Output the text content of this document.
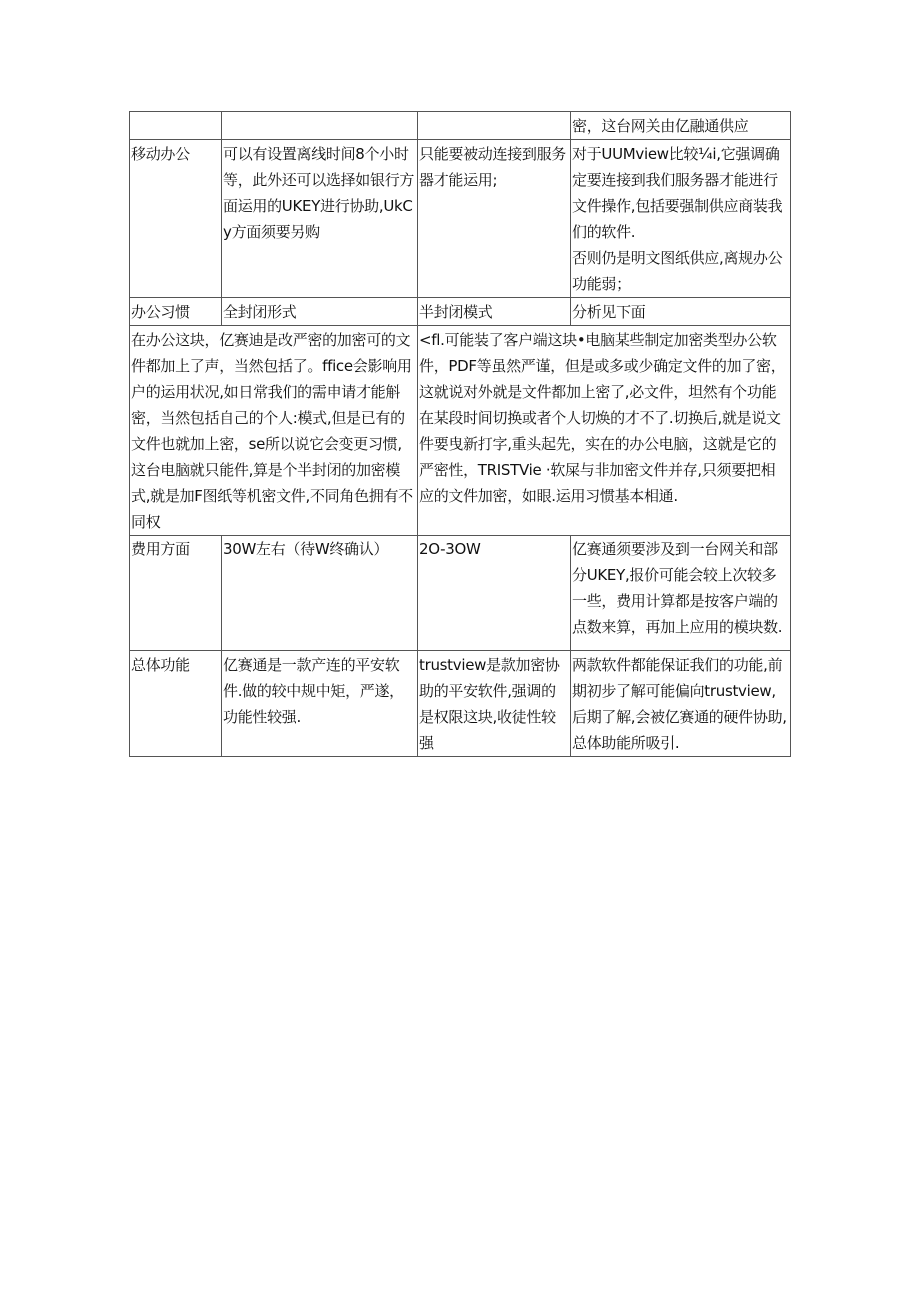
			密，这台网关由亿融通供应
移动办公	可以有设置离线时间8个小时等，此外还可以选择如银行方面运用的UKEY进行协助,UkCy方面须要另购	只能要被动连接到服务器才能运用;	对于UUMview比较¼i,它强调确定要连接到我们服务器才能进行文件操作,包括要强制供应商装我们的软件.
否则仍是明文图纸供应,离规办公功能弱；

办公习惯	全封闭形式	半封闭模式	分析见下面
在办公这块，亿赛迪是改严密的加密可的文件都加上了声，当然包括了。ffice会影响用户的运用状况,如日常我们的需申请才能斛密，当然包括自己的个人:模式,但是已有的文件也就加上密，se所以说它会变更习惯,这台电脑就只能件,算是个半封闭的加密模式,就是加F图纸等机密文件,不同角色拥有不同权		<fl.可能装了客户端这块•电脑某些制定加密类型办公软件，PDF等虽然严谨，但是或多或少确定文件的加了密，这就说对外就是文件都加上密了,必文件，坦然有个功能在某段时间切换或者个人切焕的才不了.切换后,就是说文件要曳新打字,重头起先，实在的办公电脑，这就是它的严密性，TRISTVie ·软屎与非加密文件并存,只须要把相应的文件加密，如眼.运用习惯基本相通.	
费用方面	30W左右（待W终确认）	2O-3OW	亿赛通须要涉及到一台网关和部分UKEY,报价可能会较上次较多一些，费用计算都是按客户端的点数来算，再加上应用的模块数.
总体功能	亿赛通是一款产连的平安软件.做的较中规中矩，严遂，功能性较强.	trustview是款加密协助的平安软件,强调的是权限这块,收徒性较强	两款软件都能保证我们的功能,前期初步了解可能偏向trustview,后期了解,会被亿赛通的硬件协助,总体助能所吸引.
